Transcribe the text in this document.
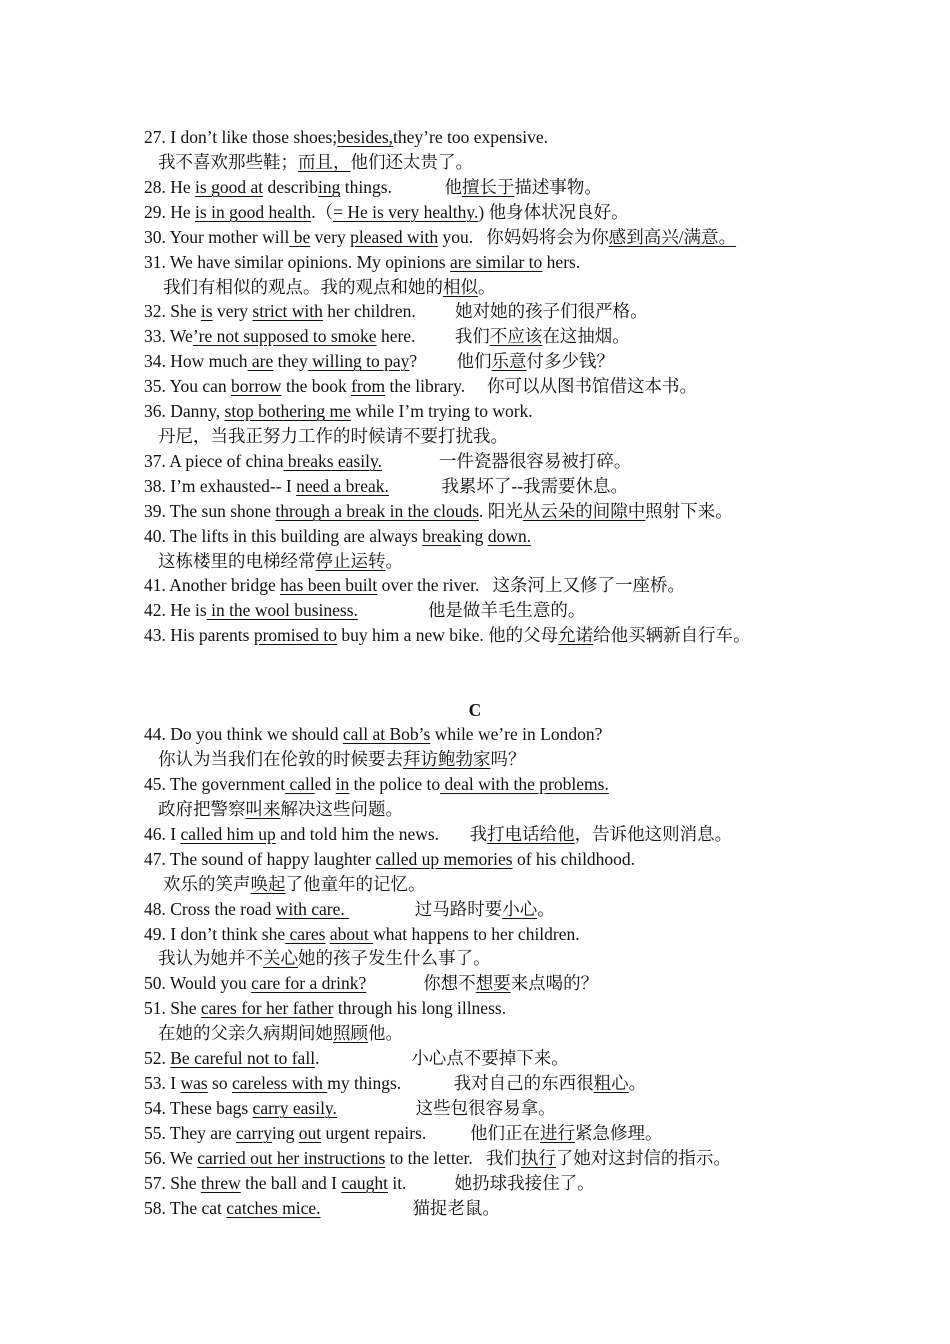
C
27. I don’t like those shoes;besides,they’re too expensive.
我不喜欢那些鞋；而且，他们还太贵了。
28. He is good at describing things.            他擅长于描述事物。
29. He is in good health.（= He is very healthy.) 他身体状况良好。
30. Your mother will be very pleased with you.   你妈妈将会为你感到高兴/满意。
31. We have similar opinions. My opinions are similar to hers.
我们有相似的观点。我的观点和她的相似。
32. She is very strict with her children.         她对她的孩子们很严格。
33. We’re not supposed to smoke here.         我们不应该在这抽烟。
34. How much are they willing to pay?         他们乐意付多少钱？
35. You can borrow the book from the library.     你可以从图书馆借这本书。
36. Danny, stop bothering me while I’m trying to work.
丹尼，当我正努力工作的时候请不要打扰我。
37. A piece of china breaks easily.             一件瓷器很容易被打碎。
38. I’m exhausted-- I need a break.            我累坏了--我需要休息。
39. The sun shone through a break in the clouds. 阳光从云朵的间隙中照射下来。
40. The lifts in this building are always breaking down.
这栋楼里的电梯经常停止运转。
41. Another bridge has been built over the river.   这条河上又修了一座桥。
42. He is in the wool business.                他是做羊毛生意的。
43. His parents promised to buy him a new bike. 他的父母允诺给他买辆新自行车。
44. Do you think we should call at Bob’s while we’re in London?
你认为当我们在伦敦的时候要去拜访鲍勃家吗？
45. The government called in the police to deal with the problems.
政府把警察叫来解决这些问题。
46. I called him up and told him the news.       我打电话给他，告诉他这则消息。
47. The sound of happy laughter called up memories of his childhood.
欢乐的笑声唤起了他童年的记忆。
48. Cross the road with care.                过马路时要小心。
49. I don’t think she cares about what happens to her children.
我认为她并不关心她的孩子发生什么事了。
50. Would you care for a drink?             你想不想要来点喝的？
51. She cares for her father through his long illness.
在她的父亲久病期间她照顾他。
52. Be careful not to fall.                     小心点不要掉下来。
53. I was so careless with my things.            我对自己的东西很粗心。
54. These bags carry easily.                  这些包很容易拿。
55. They are carrying out urgent repairs.          他们正在进行紧急修理。
56. We carried out her instructions to the letter.   我们执行了她对这封信的指示。
57. She threw the ball and I caught it.           她扔球我接住了。
58. The cat catches mice.                     猫捉老鼠。
